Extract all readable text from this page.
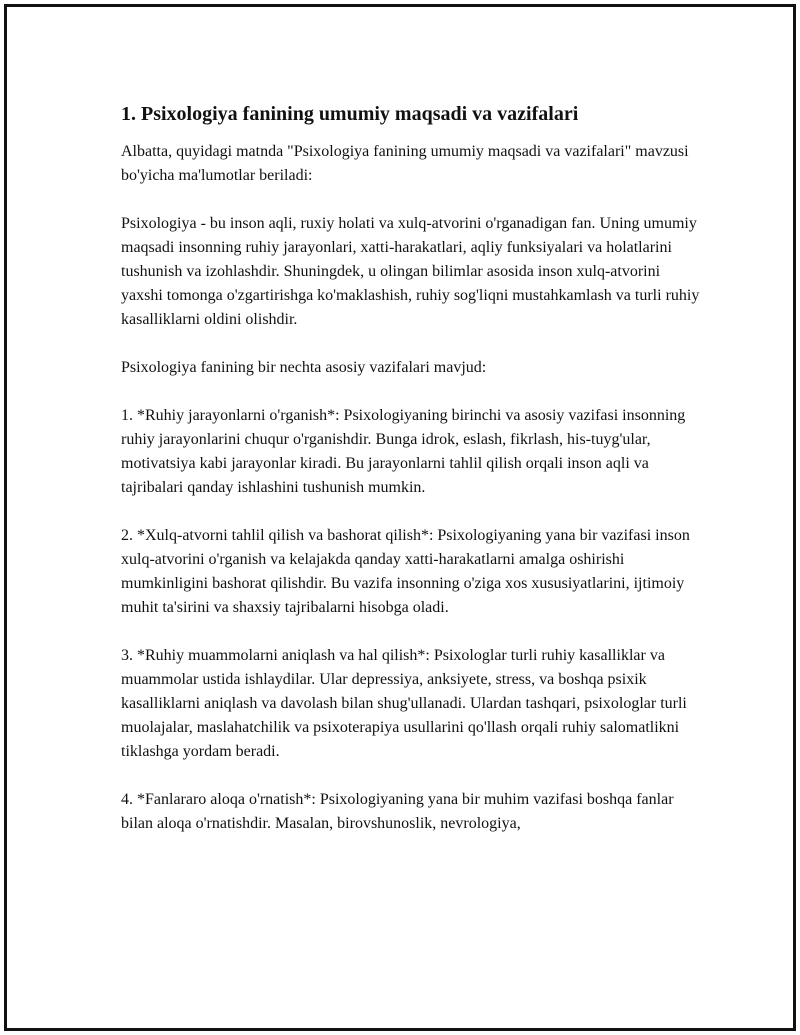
1. Psixologiya fanining umumiy maqsadi va vazifalari

Albatta, quyidagi matnda "Psixologiya fanining umumiy maqsadi va vazifalari" mavzusi bo'yicha ma'lumotlar beriladi:

Psixologiya - bu inson aqli, ruxiy holati va xulq-atvorini o'rganadigan fan. Uning umumiy maqsadi insonning ruhiy jarayonlari, xatti-harakatlari, aqliy funksiyalari va holatlarini tushunish va izohlashdir. Shuningdek, u olingan bilimlar asosida inson xulq-atvorini yaxshi tomonga o'zgartirishga ko'maklashish, ruhiy sog'liqni mustahkamlash va turli ruhiy kasalliklarni oldini olishdir.

Psixologiya fanining bir nechta asosiy vazifalari mavjud:

1. *Ruhiy jarayonlarni o'rganish*: Psixologiyaning birinchi va asosiy vazifasi insonning ruhiy jarayonlarini chuqur o'rganishdir. Bunga idrok, eslash, fikrlash, his-tuyg'ular, motivatsiya kabi jarayonlar kiradi. Bu jarayonlarni tahlil qilish orqali inson aqli va tajribalari qanday ishlashini tushunish mumkin.

2. *Xulq-atvorni tahlil qilish va bashorat qilish*: Psixologiyaning yana bir vazifasi inson xulq-atvorini o'rganish va kelajakda qanday xatti-harakatlarni amalga oshirishi mumkinligini bashorat qilishdir. Bu vazifa insonning o'ziga xos xususiyatlarini, ijtimoiy muhit ta'sirini va shaxsiy tajribalarni hisobga oladi.

3. *Ruhiy muammolarni aniqlash va hal qilish*: Psixologlar turli ruhiy kasalliklar va muammolar ustida ishlaydilar. Ular depressiya, anksiyete, stress, va boshqa psixik kasalliklarni aniqlash va davolash bilan shug'ullanadi. Ulardan tashqari, psixologlar turli muolajalar, maslahatchilik va psixoterapiya usullarini qo'llash orqali ruhiy salomatlikni tiklashga yordam beradi.

4. *Fanlararo aloqa o'rnatish*: Psixologiyaning yana bir muhim vazifasi boshqa fanlar bilan aloqa o'rnatishdir. Masalan, birovshunoslik, nevrologiya,
